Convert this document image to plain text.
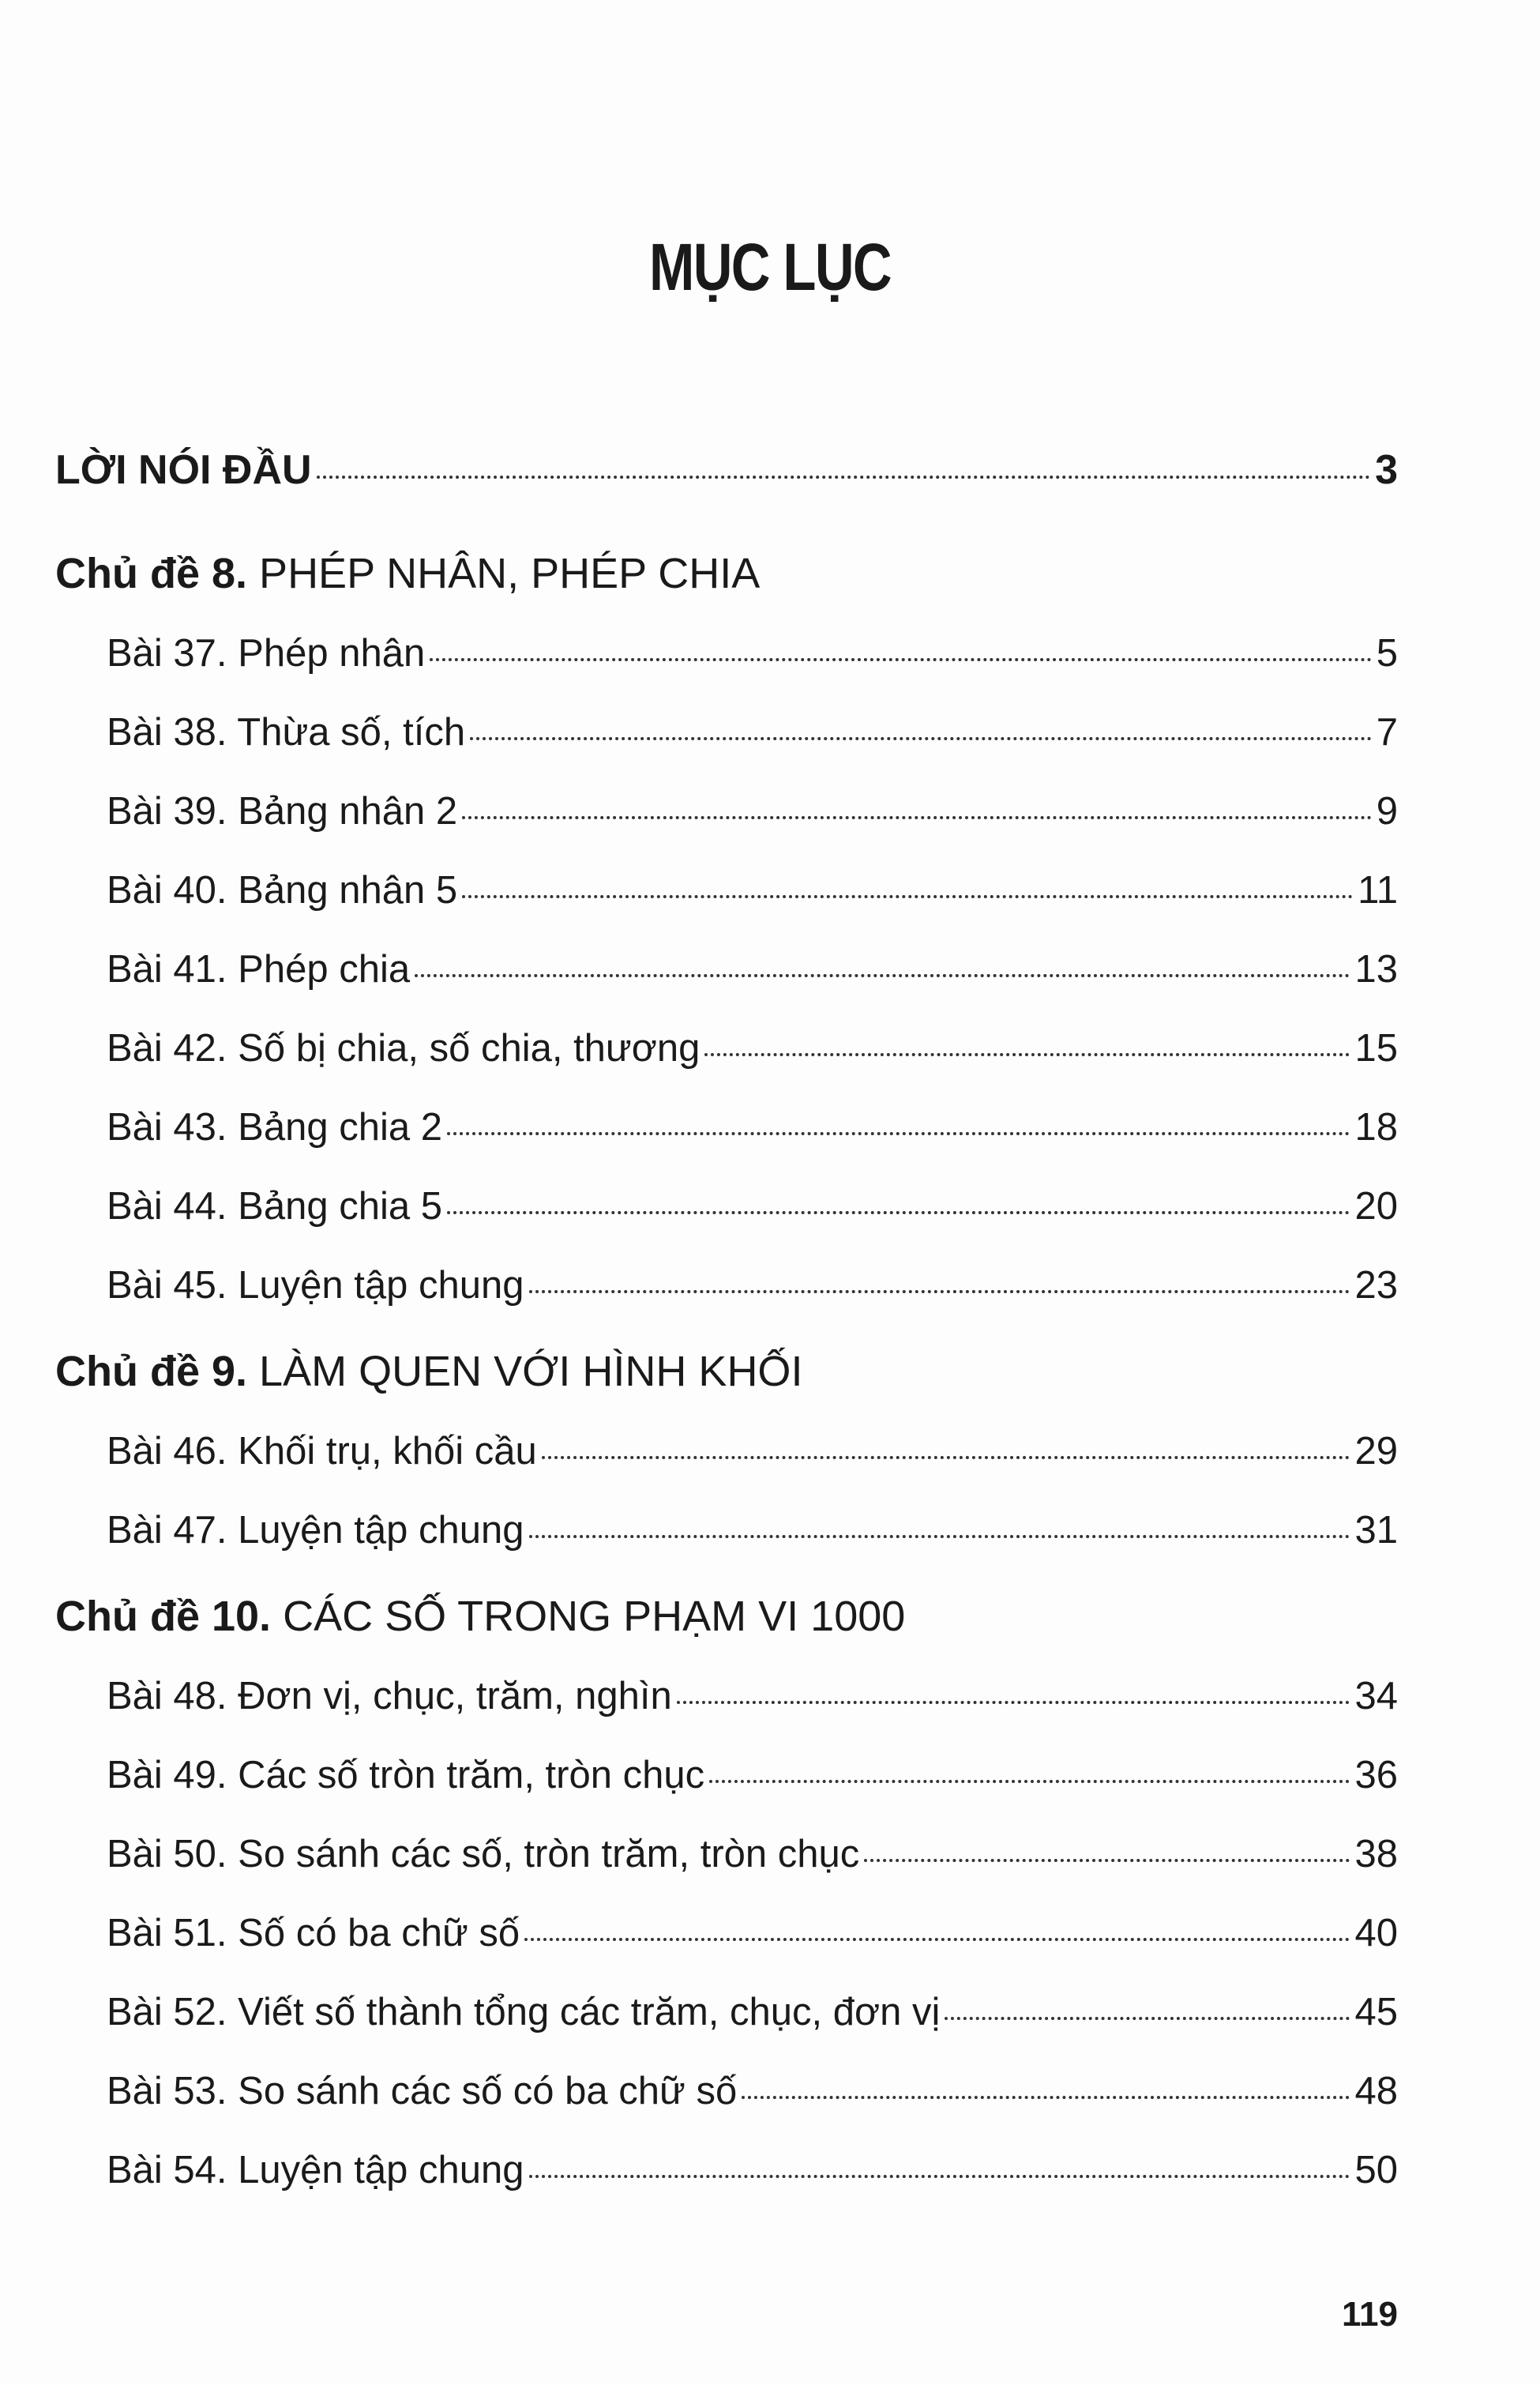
MỤC LỤC
LỜI NÓI ĐẦU	3
Chủ đề 8.
PHÉP NHÂN, PHÉP CHIA
Bài 37. Phép nhân	5
Bài 38. Thừa số, tích	7
Bài 39. Bảng nhân 2	9
Bài 40. Bảng nhân 5	11
Bài 41. Phép chia	13
Bài 42. Số bị chia, số chia, thương	15
Bài 43. Bảng chia 2	18
Bài 44. Bảng chia 5	20
Bài 45. Luyện tập chung	23
Chủ đề 9.
LÀM QUEN VỚI HÌNH KHỐI
Bài 46. Khối trụ, khối cầu	29
Bài 47. Luyện tập chung	31
Chủ đề 10.
CÁC SỐ TRONG PHẠM VI 1000
Bài 48. Đơn vị, chục, trăm, nghìn	34
Bài 49. Các số tròn trăm, tròn chục	36
Bài 50. So sánh các số, tròn trăm, tròn chục	38
Bài 51. Số có ba chữ số	40
Bài 52. Viết số thành tổng các trăm, chục, đơn vị	45
Bài 53. So sánh các số có ba chữ số	48
Bài 54. Luyện tập chung	50
119
